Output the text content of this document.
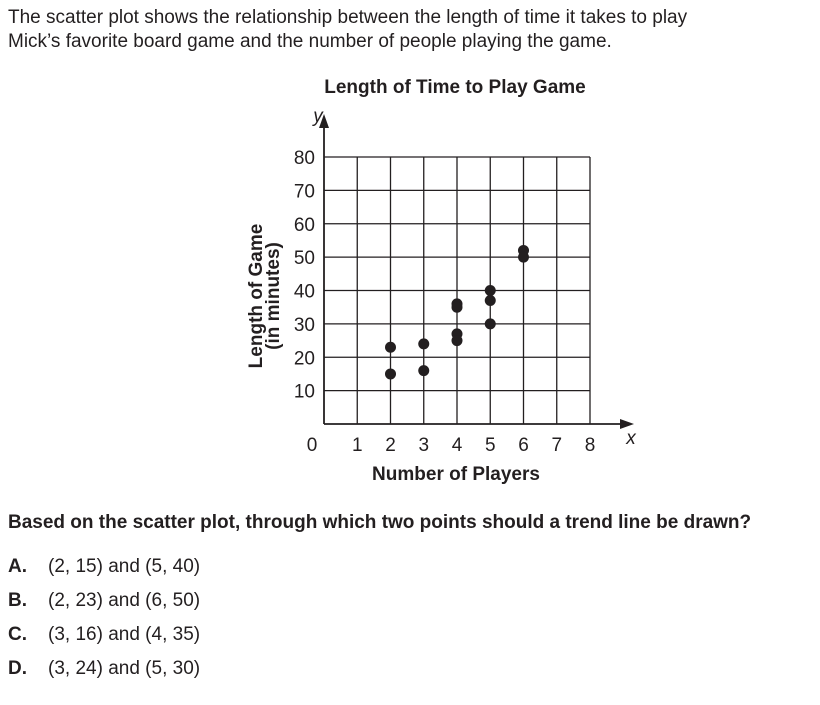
The scatter plot shows the relationship between the length of time it takes to play
Mick’s favorite board game and the number of people playing the game.

Length of Time to Play Game
1 2 3 4 5 6 7 8
10
20
30
40
50
60
70
80
y
x
0
Number of Players
Length of Game
(in minutes)

Based on the scatter plot, through which two points should a trend line be drawn?

A.	(2, 15) and (5, 40)
B.	(2, 23) and (6, 50)
C.	(3, 16) and (4, 35)
D.	(3, 24) and (5, 30)
